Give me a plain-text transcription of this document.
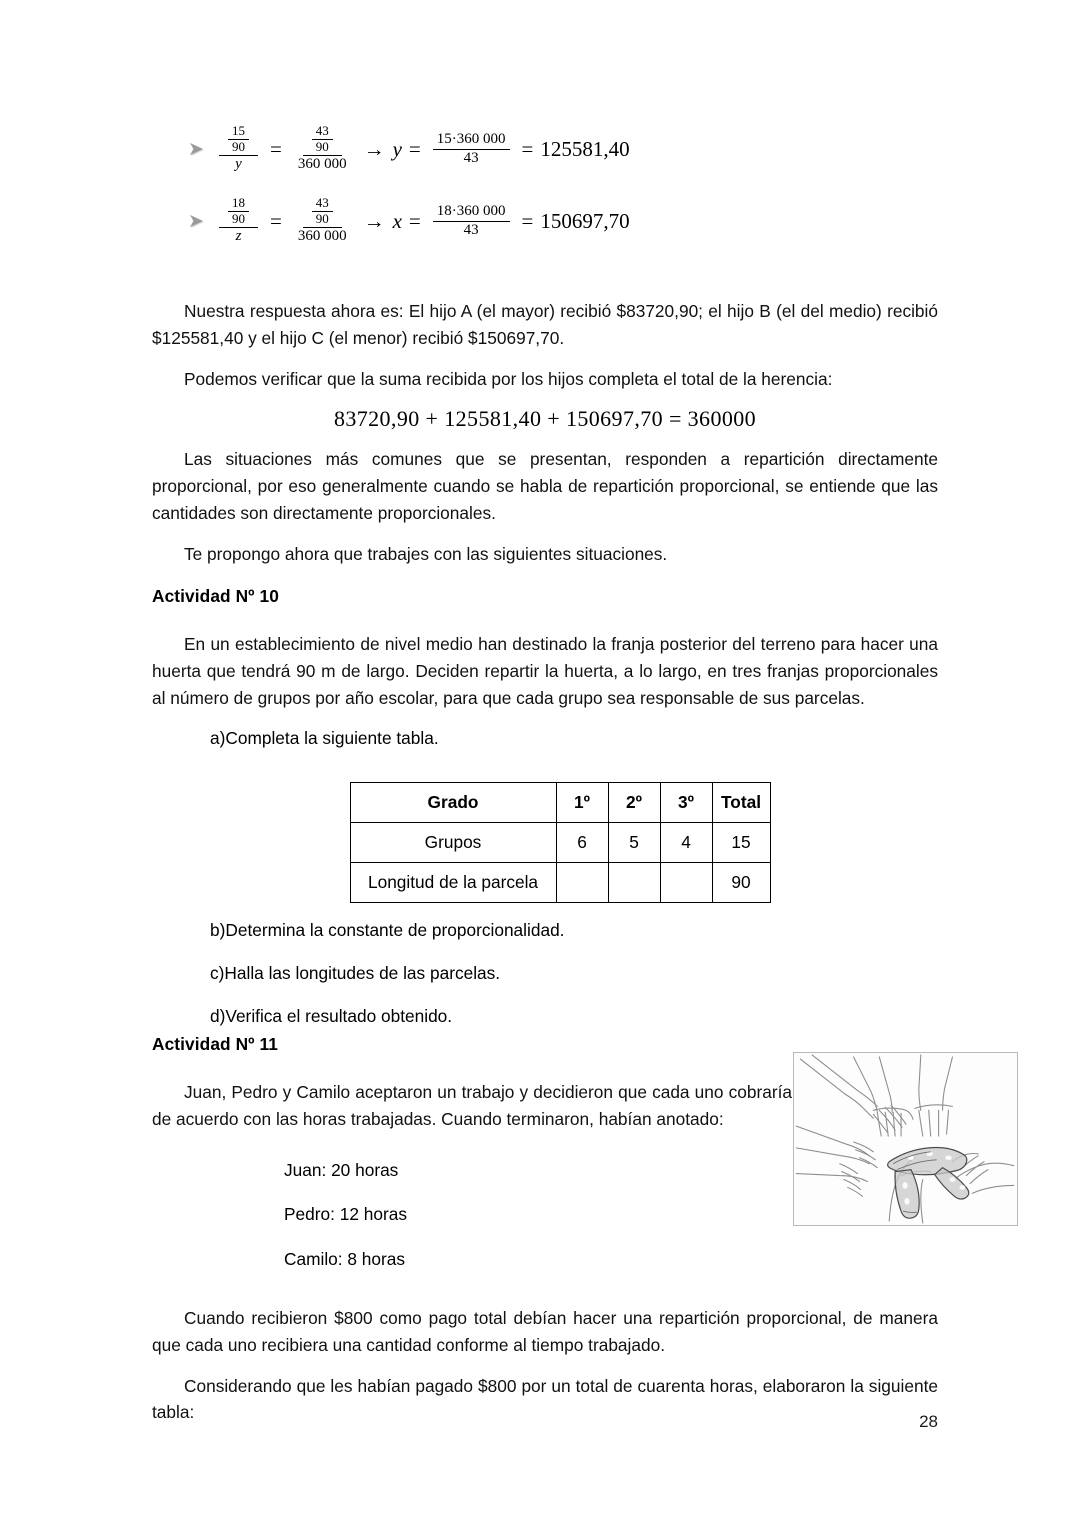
➤	$\frac{\frac{15}{90}}{y} = \frac{\frac{43}{90}}{360 000} \to y = \frac{15\cdot 360 000}{43} = 125581,40$
➤	$\frac{\frac{18}{90}}{z} = \frac{\frac{43}{90}}{360 000} \to x = \frac{18\cdot 360 000}{43} = 150697,70$

Nuestra respuesta ahora es: El hijo A (el mayor) recibió $83720,90; el hijo B (el del medio) recibió $125581,40 y el hijo C (el menor) recibió $150697,70.

Podemos verificar que la suma recibida por los hijos completa el total de la herencia:

83720,90 + 125581,40 + 150697,70 = 360000

Las situaciones más comunes que se presentan, responden a repartición directamente proporcional, por eso generalmente cuando se habla de repartición proporcional, se entiende que las cantidades son directamente proporcionales.

Te propongo ahora que trabajes con las siguientes situaciones.

Actividad Nº 10

En un establecimiento de nivel medio han destinado la franja posterior del terreno para hacer una huerta que tendrá 90 m de largo. Deciden repartir la huerta, a lo largo, en tres franjas proporcionales al número de grupos por año escolar, para que cada grupo sea responsable de sus parcelas.

a) Completa la siguiente tabla.
Grado	1º	2º	3º	Total
Grupos	6	5	4	15
Longitud de la parcela				90
b) Determina la constante de proporcionalidad.
c) Halla las longitudes de las parcelas.
d) Verifica el resultado obtenido.
Actividad Nº 11

Juan, Pedro y Camilo aceptaron un trabajo y decidieron que cada uno cobraría de acuerdo con las horas trabajadas. Cuando terminaron, habían anotado:

Juan: 20 horas
Pedro: 12 horas
Camilo: 8 horas

Cuando recibieron $800 como pago total debían hacer una repartición proporcional, de manera que cada uno recibiera una cantidad conforme al tiempo trabajado.

Considerando que les habían pagado $800 por un total de cuarenta horas, elaboraron la siguiente tabla:	28
